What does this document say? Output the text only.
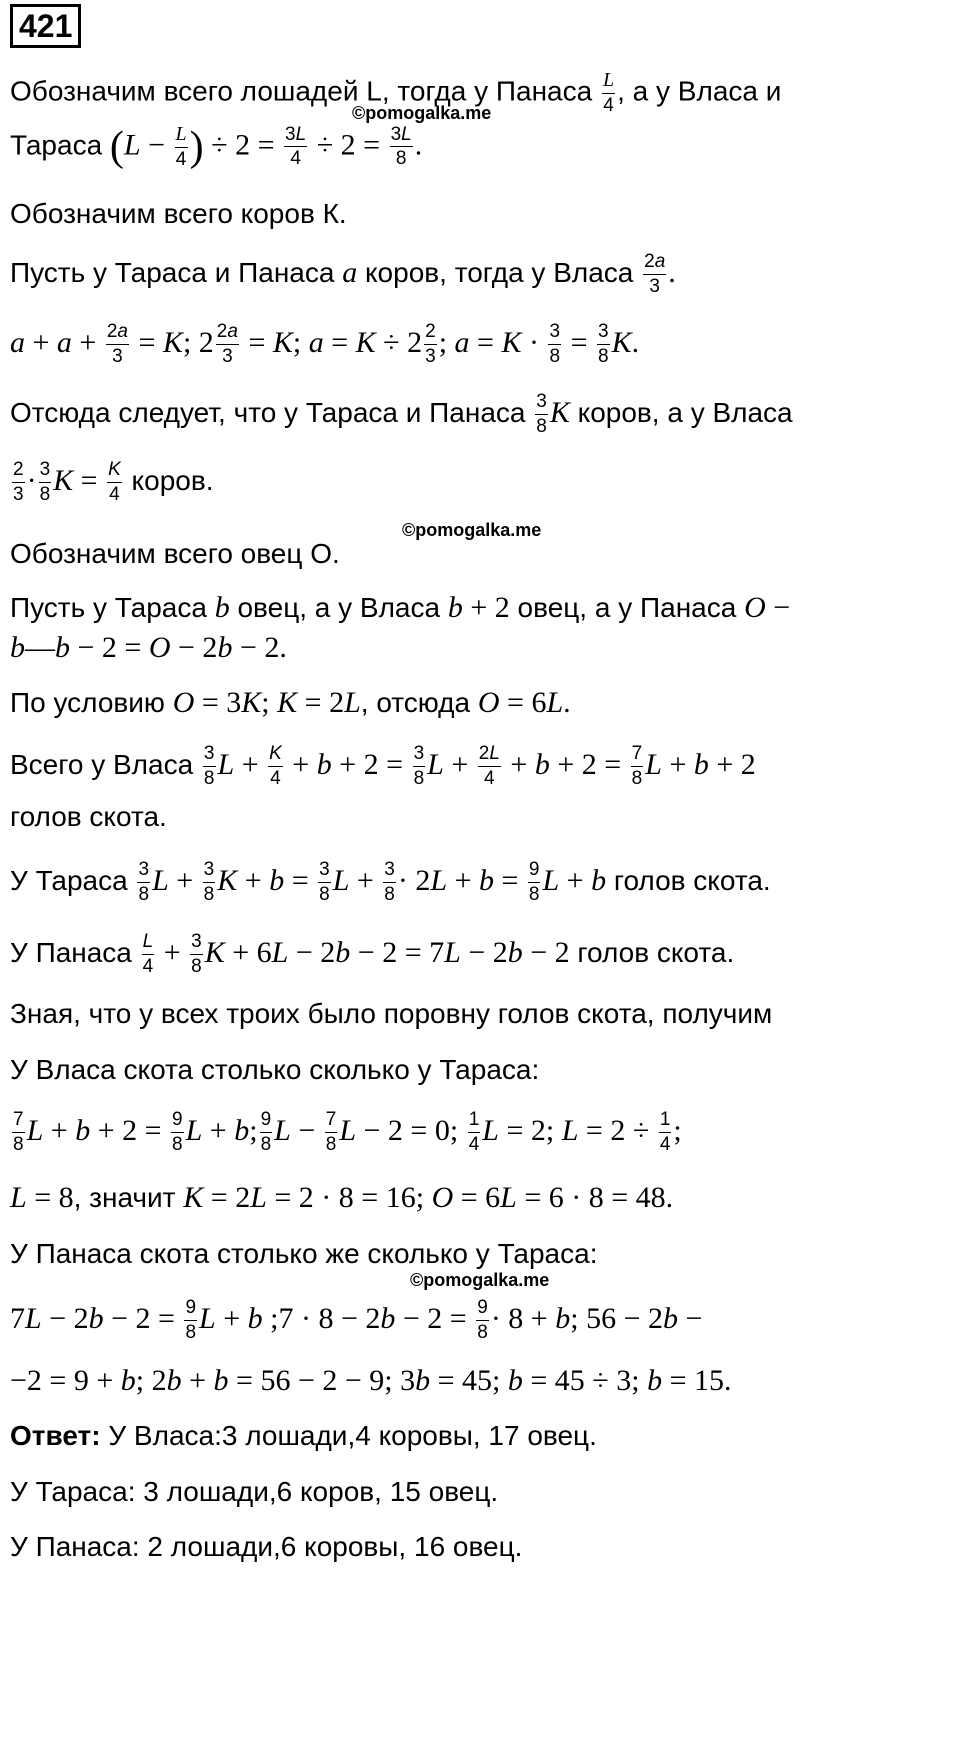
421
Обозначим всего лошадей L, тогда у Панаса $\frac{L}{4}$ , а у Власа и
©pomogalka.me
Тараса ($L - \frac{L}{4}$ ) ÷ $2 = \frac{3L}{4} \div 2 = \frac{3L}{8}$ .
Обозначим всего коров К.
Пусть у Тараса и Панаса a коров, тогда у Власа $\frac{2a}{3}$ .
$a + a + \frac{2a}{3} = K$; $2 \frac{2a}{3} = K$; $a = K \div 2 \frac{2}{3}$ ; $a = K \cdot \frac{3}{8} = \frac{3}{8} K$.
Отсюда следует, что у Тараса и Панаса $\frac{3}{8}$ K коров, а у Власа
$\frac{2}{3} \cdot \frac{3}{8}$ $K = \frac{K}{4}$ коров.
©pomogalka.me
Обозначим всего овец О.
Пусть у Тараса b овец, а у Власа b + 2 овец, а у Панаса O −
b—b − 2 = O − 2b − 2.
По условию O = 3K; K = 2L, отсюда O = 6L.
Всего у Власа $\frac{3}{8}$ $L + \frac{K}{4} + b + 2 = \frac{3}{8}$ $L + \frac{2L}{4} + b + 2 = \frac{7}{8}$ L + b + 2
голов скота.
У Тараса $\frac{3}{8}$ $L + \frac{3}{8}$ $K + b = \frac{3}{8}$ $L + \frac{3}{8} \cdot 2L + b = \frac{9}{8}$ L + b голов скота.
У Панаса $\frac{L}{4} + \frac{3}{8}$ K + 6L − 2b − 2 = 7L − 2b − 2 голов скота.
Зная, что у всех троих было поровну голов скота, получим
У Власа скота столько сколько у Тараса:
$\frac{7}{8}$ $L + b + 2 = \frac{9}{8}$ L + b; $\frac{9}{8}$ $L - \frac{7}{8}$ L − 2 = 0; $\frac{1}{4}$ L = 2; $L = 2 \div \frac{1}{4}$ ;
L = 8, значит K = 2L = 2 · 8 = 16; O = 6L = 6 · 8 = 48.
У Панаса скота столько же сколько у Тараса:
©pomogalka.me
$7L - 2b - 2 = \frac{9}{8}$ L + b ;7 · $8 - 2b - 2 = \frac{9}{8} \cdot 8 + b$; 56 − 2b −
−2 = 9 + b; 2b + b = 56 − 2 − 9; 3b = 45; b = 45 ÷ 3; b = 15.
Ответ: У Власа:3 лошади,4 коровы, 17 овец.
У Тараса: 3 лошади,6 коров, 15 овец.
У Панаса: 2 лошади,6 коровы, 16 овец.
